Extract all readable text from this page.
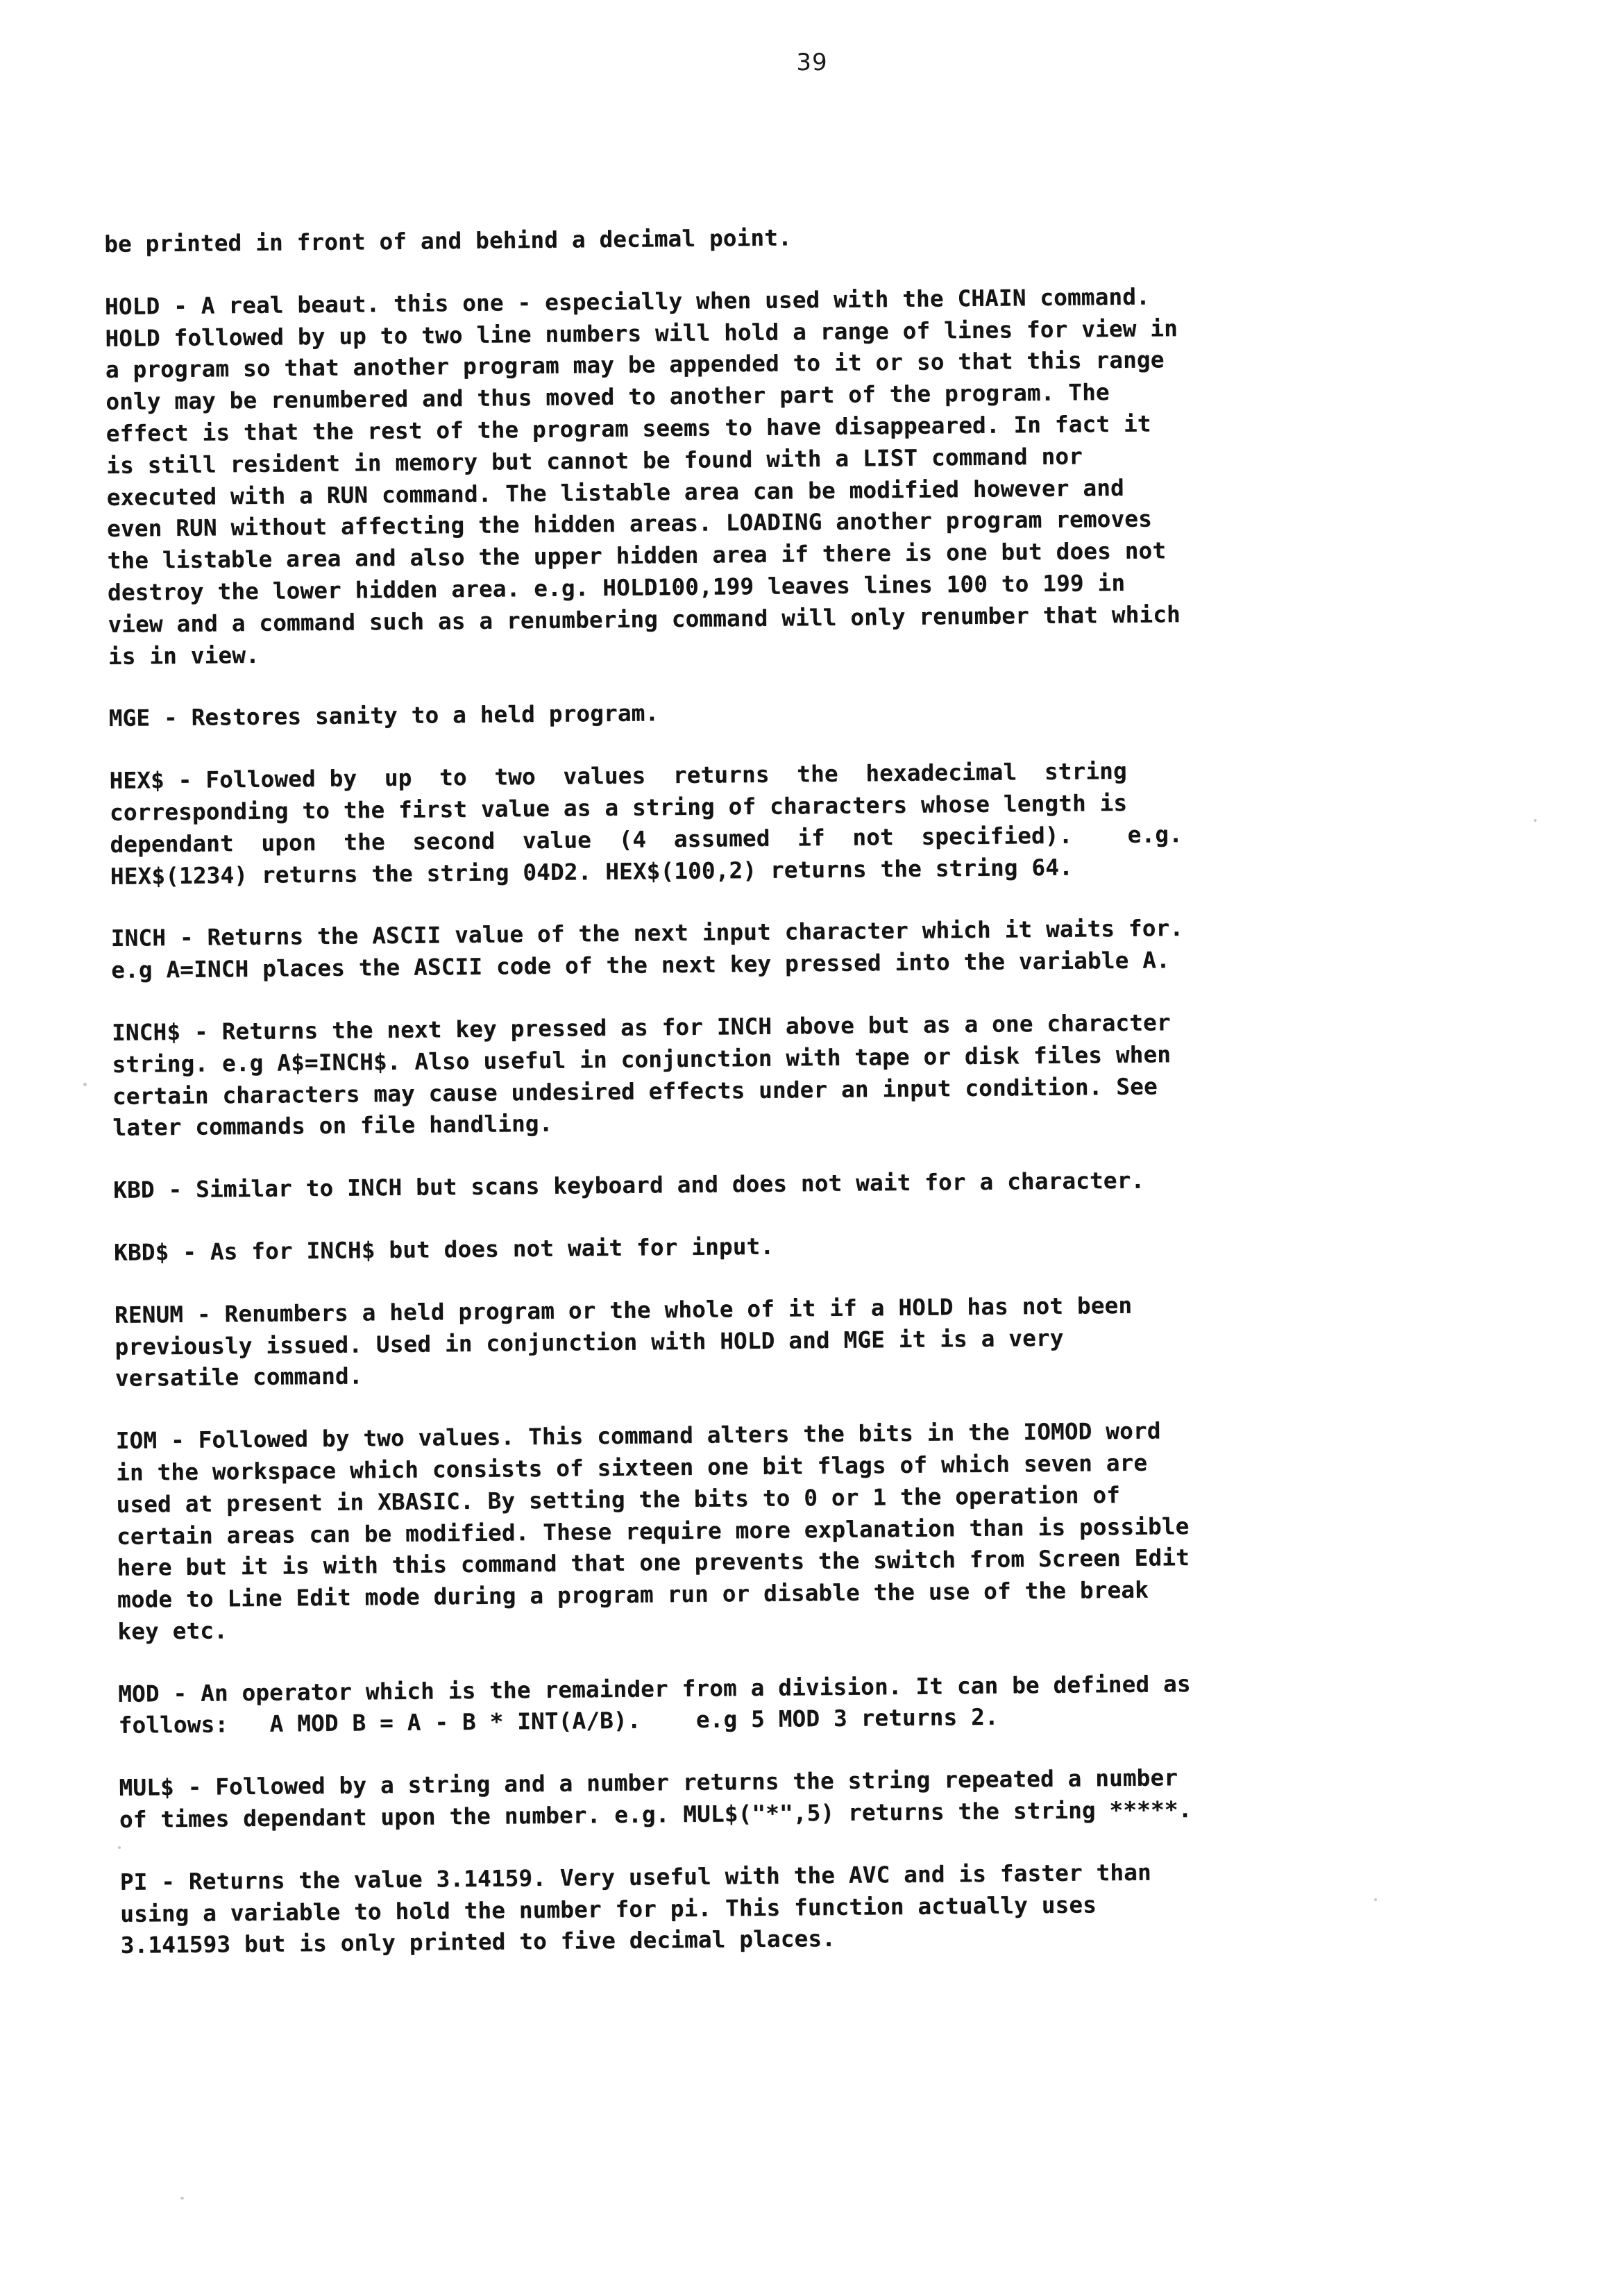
39
be printed in front of and behind a decimal point.
HOLD - A real beaut. this one - especially when used with the CHAIN command.
HOLD followed by up to two line numbers will hold a range of lines for view in
a program so that another program may be appended to it or so that this range
only may be renumbered and thus moved to another part of the program. The
effect is that the rest of the program seems to have disappeared. In fact it
is still resident in memory but cannot be found with a LIST command nor
executed with a RUN command. The listable area can be modified however and
even RUN without affecting the hidden areas. LOADING another program removes
the listable area and also the upper hidden area if there is one but does not
destroy the lower hidden area. e.g. HOLD100,199 leaves lines 100 to 199 in
view and a command such as a renumbering command will only renumber that which
is in view.
MGE - Restores sanity to a held program.
HEX$ - Followed by  up  to  two  values  returns  the  hexadecimal  string
corresponding to the first value as a string of characters whose length is
dependant  upon  the  second  value  (4  assumed  if  not  specified).    e.g.
HEX$(1234) returns the string 04D2. HEX$(100,2) returns the string 64.
INCH - Returns the ASCII value of the next input character which it waits for.
e.g A=INCH places the ASCII code of the next key pressed into the variable A.
INCH$ - Returns the next key pressed as for INCH above but as a one character
string. e.g A$=INCH$. Also useful in conjunction with tape or disk files when
certain characters may cause undesired effects under an input condition. See
later commands on file handling.
KBD - Similar to INCH but scans keyboard and does not wait for a character.
KBD$ - As for INCH$ but does not wait for input.
RENUM - Renumbers a held program or the whole of it if a HOLD has not been
previously issued. Used in conjunction with HOLD and MGE it is a very
versatile command.
IOM - Followed by two values. This command alters the bits in the IOMOD word
in the workspace which consists of sixteen one bit flags of which seven are
used at present in XBASIC. By setting the bits to 0 or 1 the operation of
certain areas can be modified. These require more explanation than is possible
here but it is with this command that one prevents the switch from Screen Edit
mode to Line Edit mode during a program run or disable the use of the break
key etc.
MOD - An operator which is the remainder from a division. It can be defined as
follows:   A MOD B = A - B * INT(A/B).    e.g 5 MOD 3 returns 2.
MUL$ - Followed by a string and a number returns the string repeated a number
of times dependant upon the number. e.g. MUL$("*",5) returns the string *****.
PI - Returns the value 3.14159. Very useful with the AVC and is faster than
using a variable to hold the number for pi. This function actually uses
3.141593 but is only printed to five decimal places.
